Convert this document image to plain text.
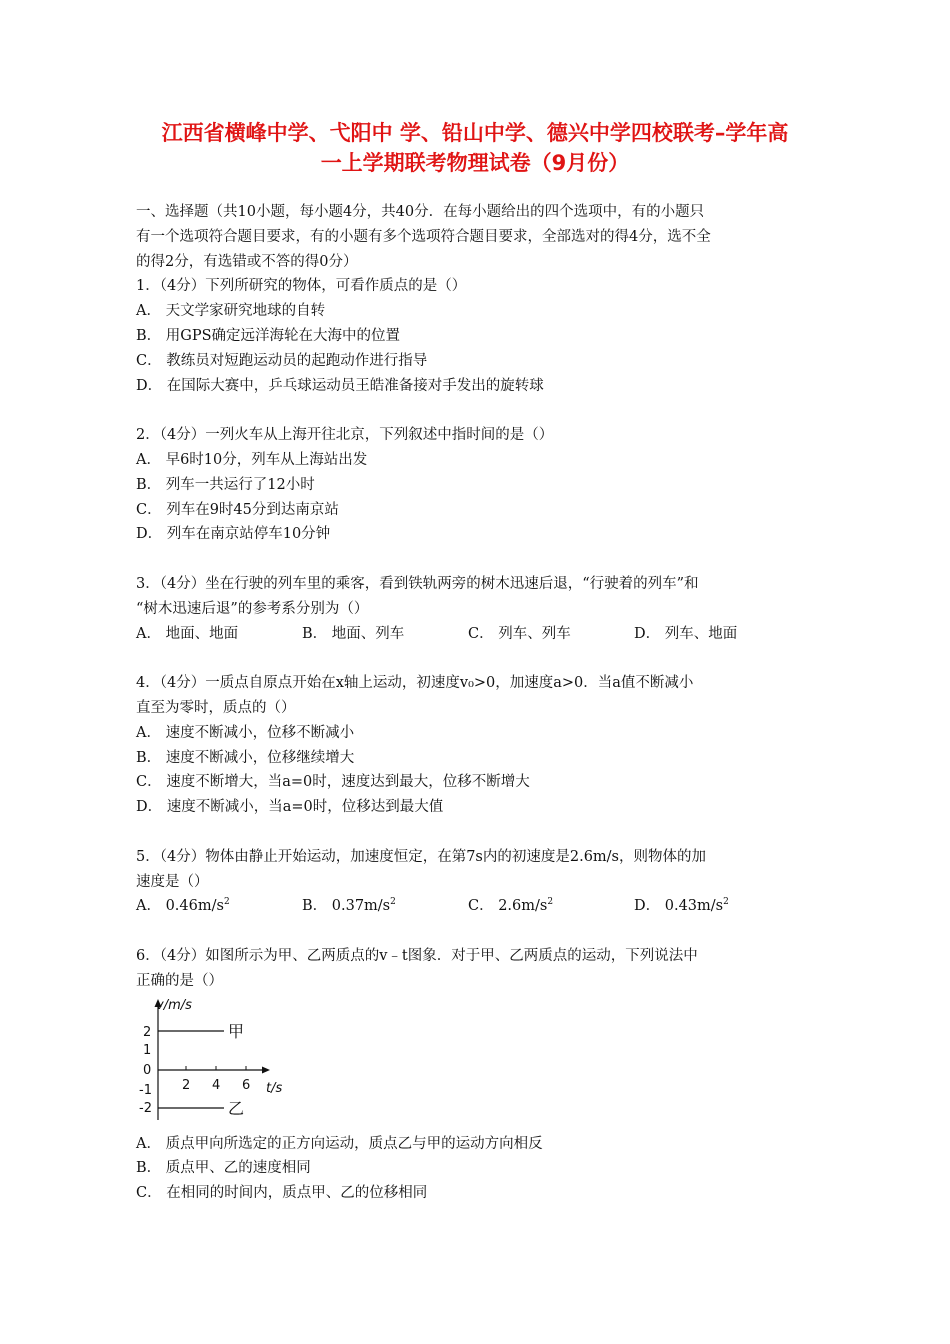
江西省横峰中学、弋阳中 学、铅山中学、德兴中学四校联考–学年高
一上学期联考物理试卷（9月份）
一、选择题（共10小题，每小题4分，共40分．在每小题给出的四个选项中，有的小题只
有一个选项符合题目要求，有的小题有多个选项符合题目要求，全部选对的得4分，选不全
的得2分，有选错或不答的得0分）
1．（4分）下列所研究的物体，可看作质点的是（）
A． 天文学家研究地球的自转
B． 用GPS确定远洋海轮在大海中的位置
C． 教练员对短跑运动员的起跑动作进行指导
D． 在国际大赛中，乒乓球运动员王皓准备接对手发出的旋转球
2．（4分）一列火车从上海开往北京，下列叙述中指时间的是（）
A． 早6时10分，列车从上海站出发
B． 列车一共运行了12小时
C． 列车在9时45分到达南京站
D． 列车在南京站停车10分钟
3．（4分）坐在行驶的列车里的乘客，看到铁轨两旁的树木迅速后退，“行驶着的列车”和
“树木迅速后退”的参考系分别为（）
A． 地面、地面	B． 地面、列车	C． 列车、列车	D． 列车、地面
4．（4分）一质点自原点开始在x轴上运动，初速度v₀>0，加速度a>0．当a值不断减小
直至为零时，质点的（）
A． 速度不断减小，位移不断减小
B． 速度不断减小，位移继续增大
C． 速度不断增大，当a=0时，速度达到最大，位移不断增大
D． 速度不断减小，当a=0时，位移达到最大值
5．（4分）物体由静止开始运动，加速度恒定，在第7s内的初速度是2.6m/s，则物体的加
速度是（）
A． $0.46m/s^2$	B． $0.37m/s^2$	C． $2.6m/s^2$	D． $0.43m/s^2$
6．（4分）如图所示为甲、乙两质点的v﹣t图象．对于甲、乙两质点的运动，下列说法中
正确的是（）
v/m/s
t/s
2
1
0
-1
-2
2 4 6
甲
乙
A． 质点甲向所选定的正方向运动，质点乙与甲的运动方向相反
B． 质点甲、乙的速度相同
C． 在相同的时间内，质点甲、乙的位移相同
